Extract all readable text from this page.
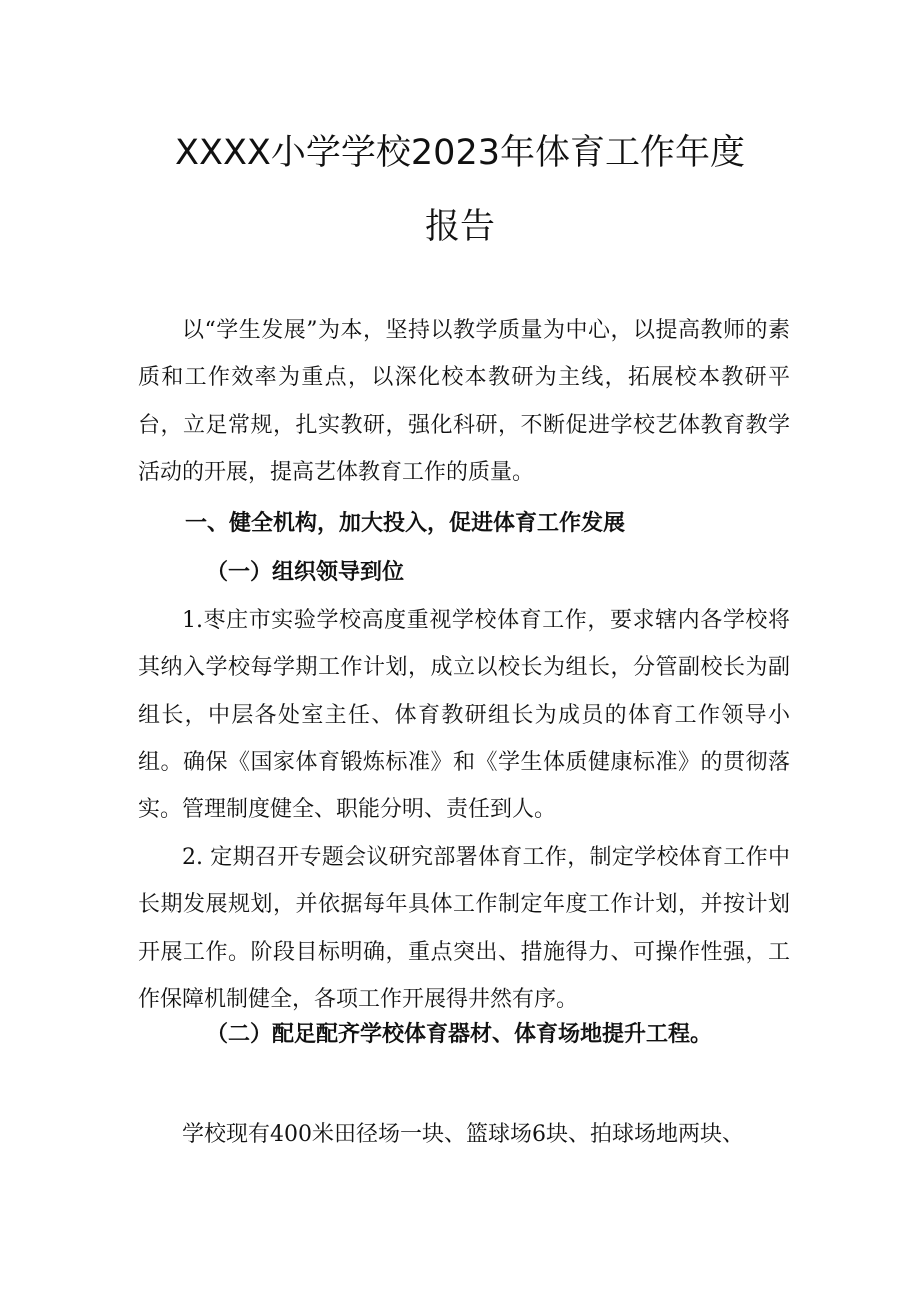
XXXX小学学校2023年体育工作年度
报告

以“学生发展”为本，坚持以教学质量为中心，以提高教师的素质和工作效率为重点，以深化校本教研为主线，拓展校本教研平台，立足常规，扎实教研，强化科研，不断促进学校艺体教育教学活动的开展，提高艺体教育工作的质量。

一、健全机构，加大投入，促进体育工作发展
（一）组织领导到位

1.枣庄市实验学校高度重视学校体育工作，要求辖内各学校将其纳入学校每学期工作计划，成立以校长为组长，分管副校长为副组长，中层各处室主任、体育教研组长为成员的体育工作领导小组。确保《国家体育锻炼标准》和《学生体质健康标准》的贯彻落实。管理制度健全、职能分明、责任到人。

2. 定期召开专题会议研究部署体育工作，制定学校体育工作中长期发展规划，并依据每年具体工作制定年度工作计划，并按计划开展工作。阶段目标明确，重点突出、措施得力、可操作性强，工作保障机制健全，各项工作开展得井然有序。

（二）配足配齐学校体育器材、体育场地提升工程。

学校现有400米田径场一块、篮球场6块、拍球场地两块、
